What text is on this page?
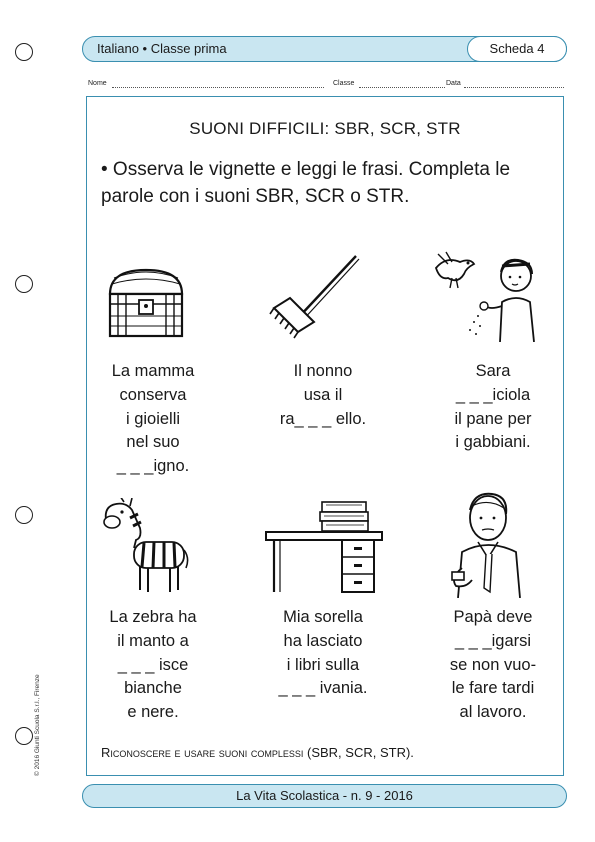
© 2016 Giunti Scuola S.r.l., Firenze
Italiano • Classe prima	Scheda 4
Nome	Classe	Data
SUONI DIFFICILI: SBR, SCR, STR
• Osserva le vignette e leggi le frasi. Completa le parole con i suoni SBR, SCR o STR.
La mamma
conserva
i gioielli
nel suo
_ _ _igno.
Il nonno
usa il
ra_ _ _ ello.
Sara
_ _ _iciola
il pane per
i gabbiani.
La zebra ha
il manto a
_ _ _ isce
bianche
e nere.
Mia sorella
ha lasciato
i libri sulla
_ _ _ ivania.
Papà deve
_ _ _igarsi
se non vuo-
le fare tardi
al lavoro.
Riconoscere e usare suoni complessi (SBR, SCR, STR).
La Vita Scolastica - n. 9 - 2016
